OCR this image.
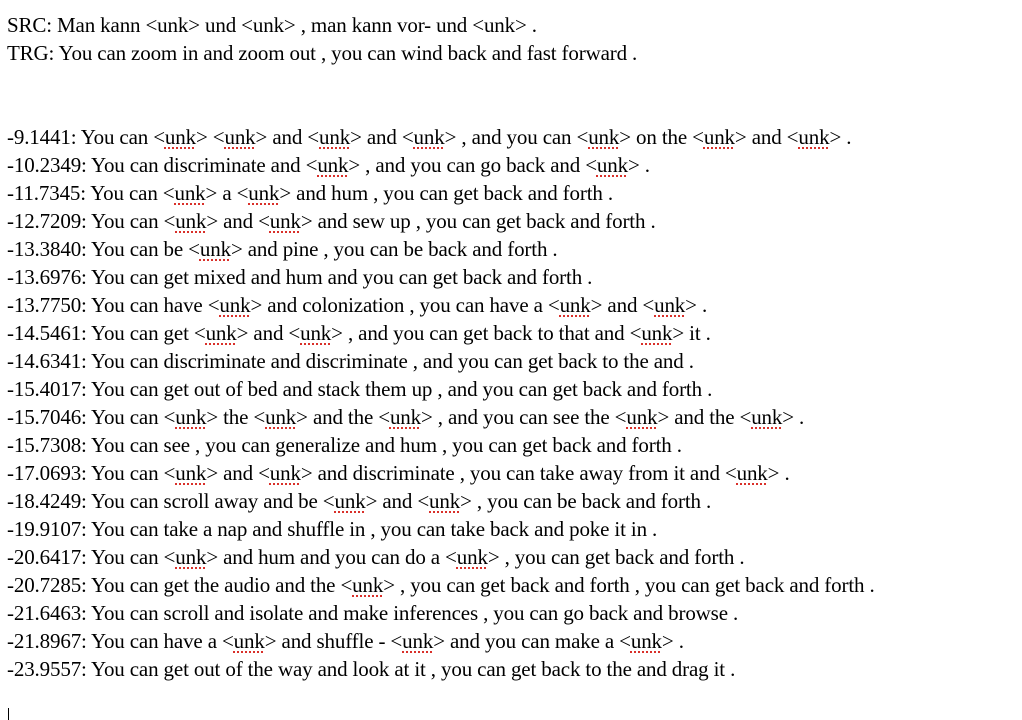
SRC: Man kann <unk> und <unk> , man kann vor- und <unk> .
TRG: You can zoom in and zoom out , you can wind back and fast forward .
-9.1441: You can <unk> <unk> and <unk> and <unk> , and you can <unk> on the <unk> and <unk> .
-10.2349: You can discriminate and <unk> , and you can go back and <unk> .
-11.7345: You can <unk> a <unk> and hum , you can get back and forth .
-12.7209: You can <unk> and <unk> and sew up , you can get back and forth .
-13.3840: You can be <unk> and pine , you can be back and forth .
-13.6976: You can get mixed and hum and you can get back and forth .
-13.7750: You can have <unk> and colonization , you can have a <unk> and <unk> .
-14.5461: You can get <unk> and <unk> , and you can get back to that and <unk> it .
-14.6341: You can discriminate and discriminate , and you can get back to the and .
-15.4017: You can get out of bed and stack them up , and you can get back and forth .
-15.7046: You can <unk> the <unk> and the <unk> , and you can see the <unk> and the <unk> .
-15.7308: You can see , you can generalize and hum , you can get back and forth .
-17.0693: You can <unk> and <unk> and discriminate , you can take away from it and <unk> .
-18.4249: You can scroll away and be <unk> and <unk> , you can be back and forth .
-19.9107: You can take a nap and shuffle in , you can take back and poke it in .
-20.6417: You can <unk> and hum and you can do a <unk> , you can get back and forth .
-20.7285: You can get the audio and the <unk> , you can get back and forth , you can get back and forth .
-21.6463: You can scroll and isolate and make inferences , you can go back and browse .
-21.8967: You can have a <unk> and shuffle - <unk> and you can make a <unk> .
-23.9557: You can get out of the way and look at it , you can get back to the and drag it .
